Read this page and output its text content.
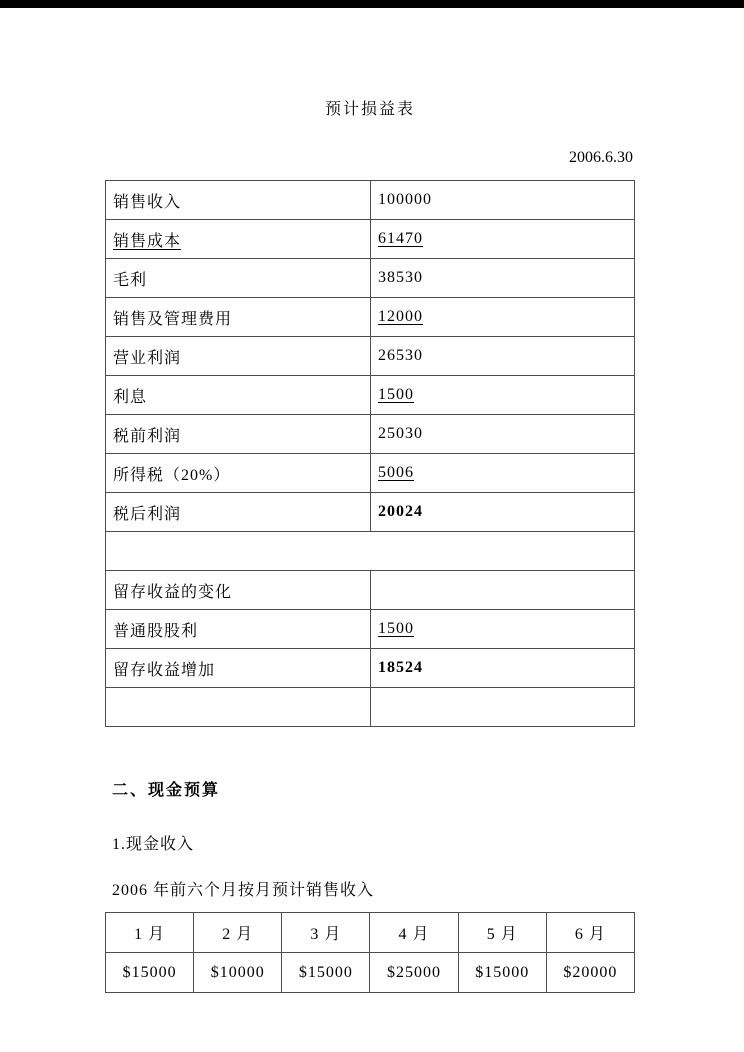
预计损益表
2006.6.30
销售收入	100000
销售成本	61470
毛利	38530
销售及管理费用	12000
营业利润	26530
利息	1500
税前利润	25030
所得税（20%）	5006
税后利润	20024

留存收益的变化	
普通股股利	1500
留存收益增加	18524

二、现金预算
1.现金收入
2006 年前六个月按月预计销售收入
1 月	2 月	3 月	4 月	5 月	6 月
$15000	$10000	$15000	$25000	$15000	$20000
